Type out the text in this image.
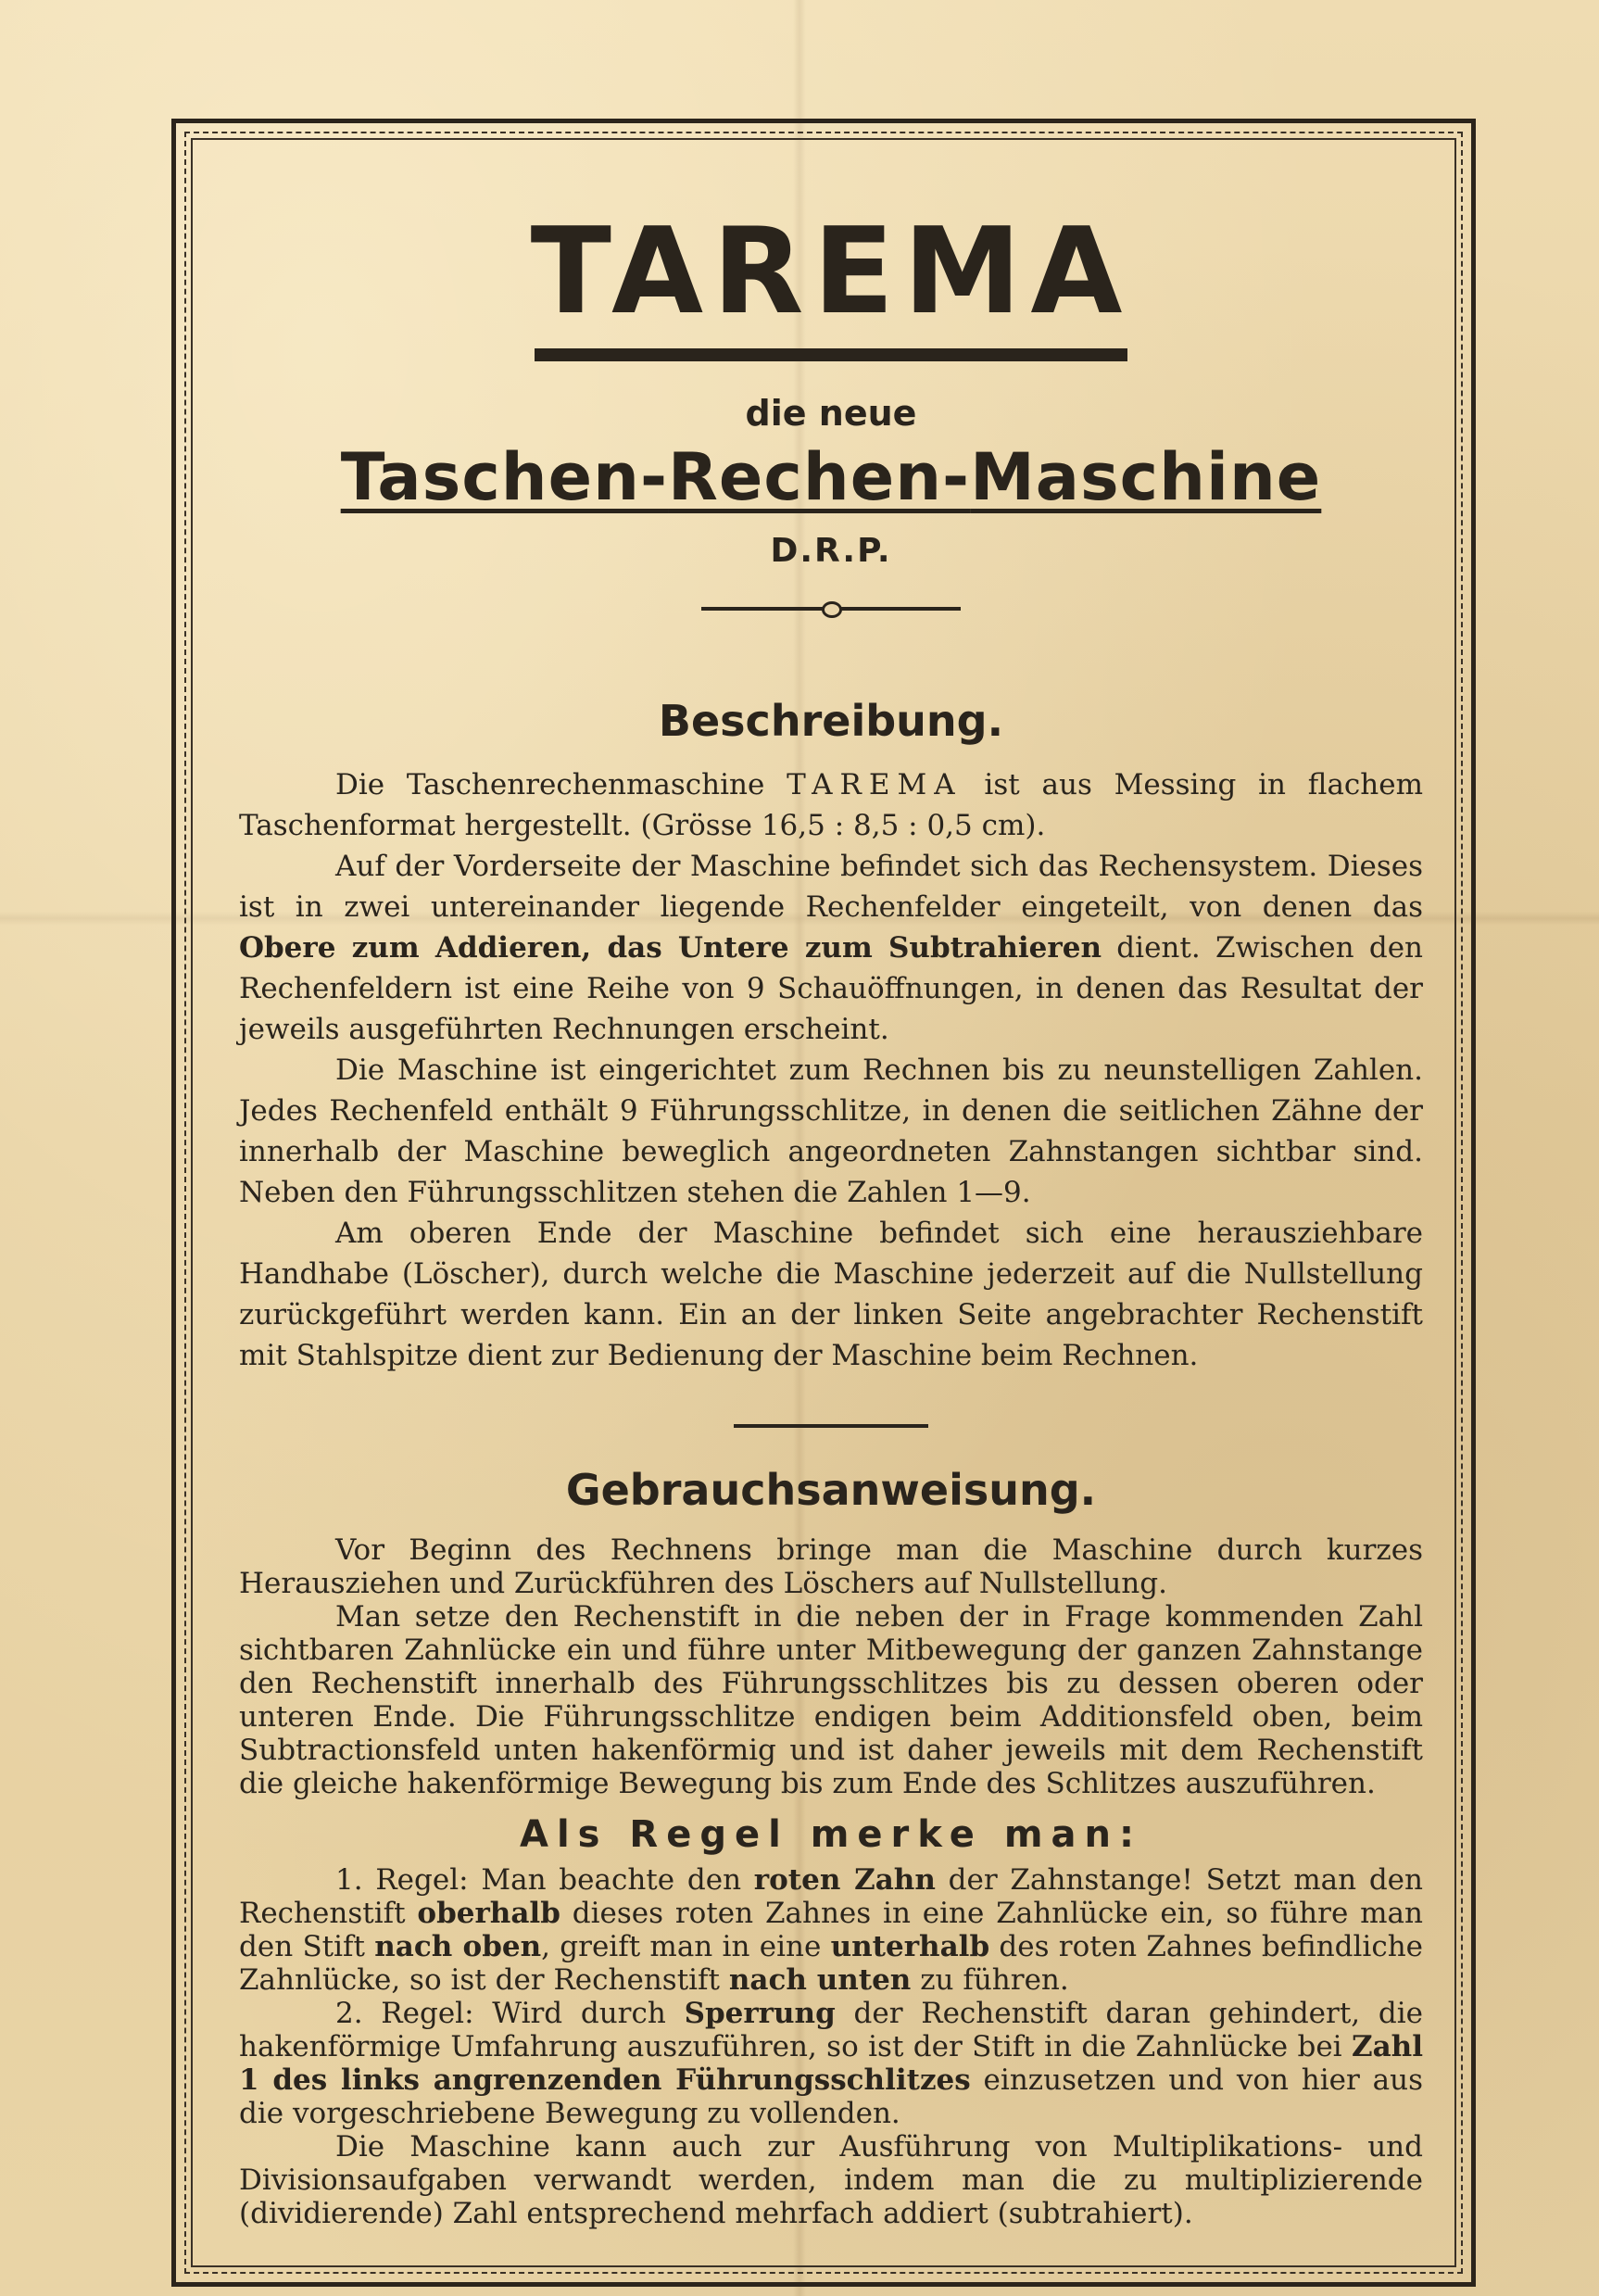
TAREMA
die neue
Taschen-Rechen-Maschine
D.R.P.
Beschreibung.

Die Taschenrechenmaschine TAREMA ist aus Messing in flachem Taschenformat hergestellt. (Grösse 16,5 : 8,5 : 0,5 cm).

Auf der Vorderseite der Maschine befindet sich das Rechensystem. Dieses ist in zwei untereinander liegende Rechenfelder eingeteilt, von denen das Obere zum Addieren, das Untere zum Subtrahieren dient. Zwischen den Rechenfeldern ist eine Reihe von 9 Schauöffnungen, in denen das Resultat der jeweils ausgeführten Rechnungen erscheint.

Die Maschine ist eingerichtet zum Rechnen bis zu neunstelligen Zahlen. Jedes Rechenfeld enthält 9 Führungsschlitze, in denen die seitlichen Zähne der innerhalb der Maschine beweglich angeordneten Zahnstangen sichtbar sind. Neben den Führungsschlitzen stehen die Zahlen 1—9.

Am oberen Ende der Maschine befindet sich eine herausziehbare Handhabe (Löscher), durch welche die Maschine jederzeit auf die Nullstellung zurückgeführt werden kann. Ein an der linken Seite angebrachter Rechenstift mit Stahlspitze dient zur Bedienung der Maschine beim Rechnen.

Gebrauchsanweisung.

Vor Beginn des Rechnens bringe man die Maschine durch kurzes Herausziehen und Zurückführen des Löschers auf Nullstellung.

Man setze den Rechenstift in die neben der in Frage kommenden Zahl sichtbaren Zahnlücke ein und führe unter Mitbewegung der ganzen Zahnstange den Rechenstift innerhalb des Führungsschlitzes bis zu dessen oberen oder unteren Ende. Die Führungsschlitze endigen beim Additionsfeld oben, beim Subtractionsfeld unten hakenförmig und ist daher jeweils mit dem Rechenstift die gleiche hakenförmige Bewegung bis zum Ende des Schlitzes auszuführen.

Als Regel merke man:

1. Regel: Man beachte den roten Zahn der Zahnstange! Setzt man den Rechenstift oberhalb dieses roten Zahnes in eine Zahnlücke ein, so führe man den Stift nach oben, greift man in eine unterhalb des roten Zahnes befindliche Zahnlücke, so ist der Rechenstift nach unten zu führen.

2. Regel: Wird durch Sperrung der Rechenstift daran gehindert, die hakenförmige Umfahrung auszuführen, so ist der Stift in die Zahnlücke bei Zahl 1 des links angrenzenden Führungsschlitzes einzusetzen und von hier aus die vorgeschriebene Bewegung zu vollenden.

Die Maschine kann auch zur Ausführung von Multiplikations- und Divisionsaufgaben verwandt werden, indem man die zu multiplizierende (dividierende) Zahl entsprechend mehrfach addiert (subtrahiert).
